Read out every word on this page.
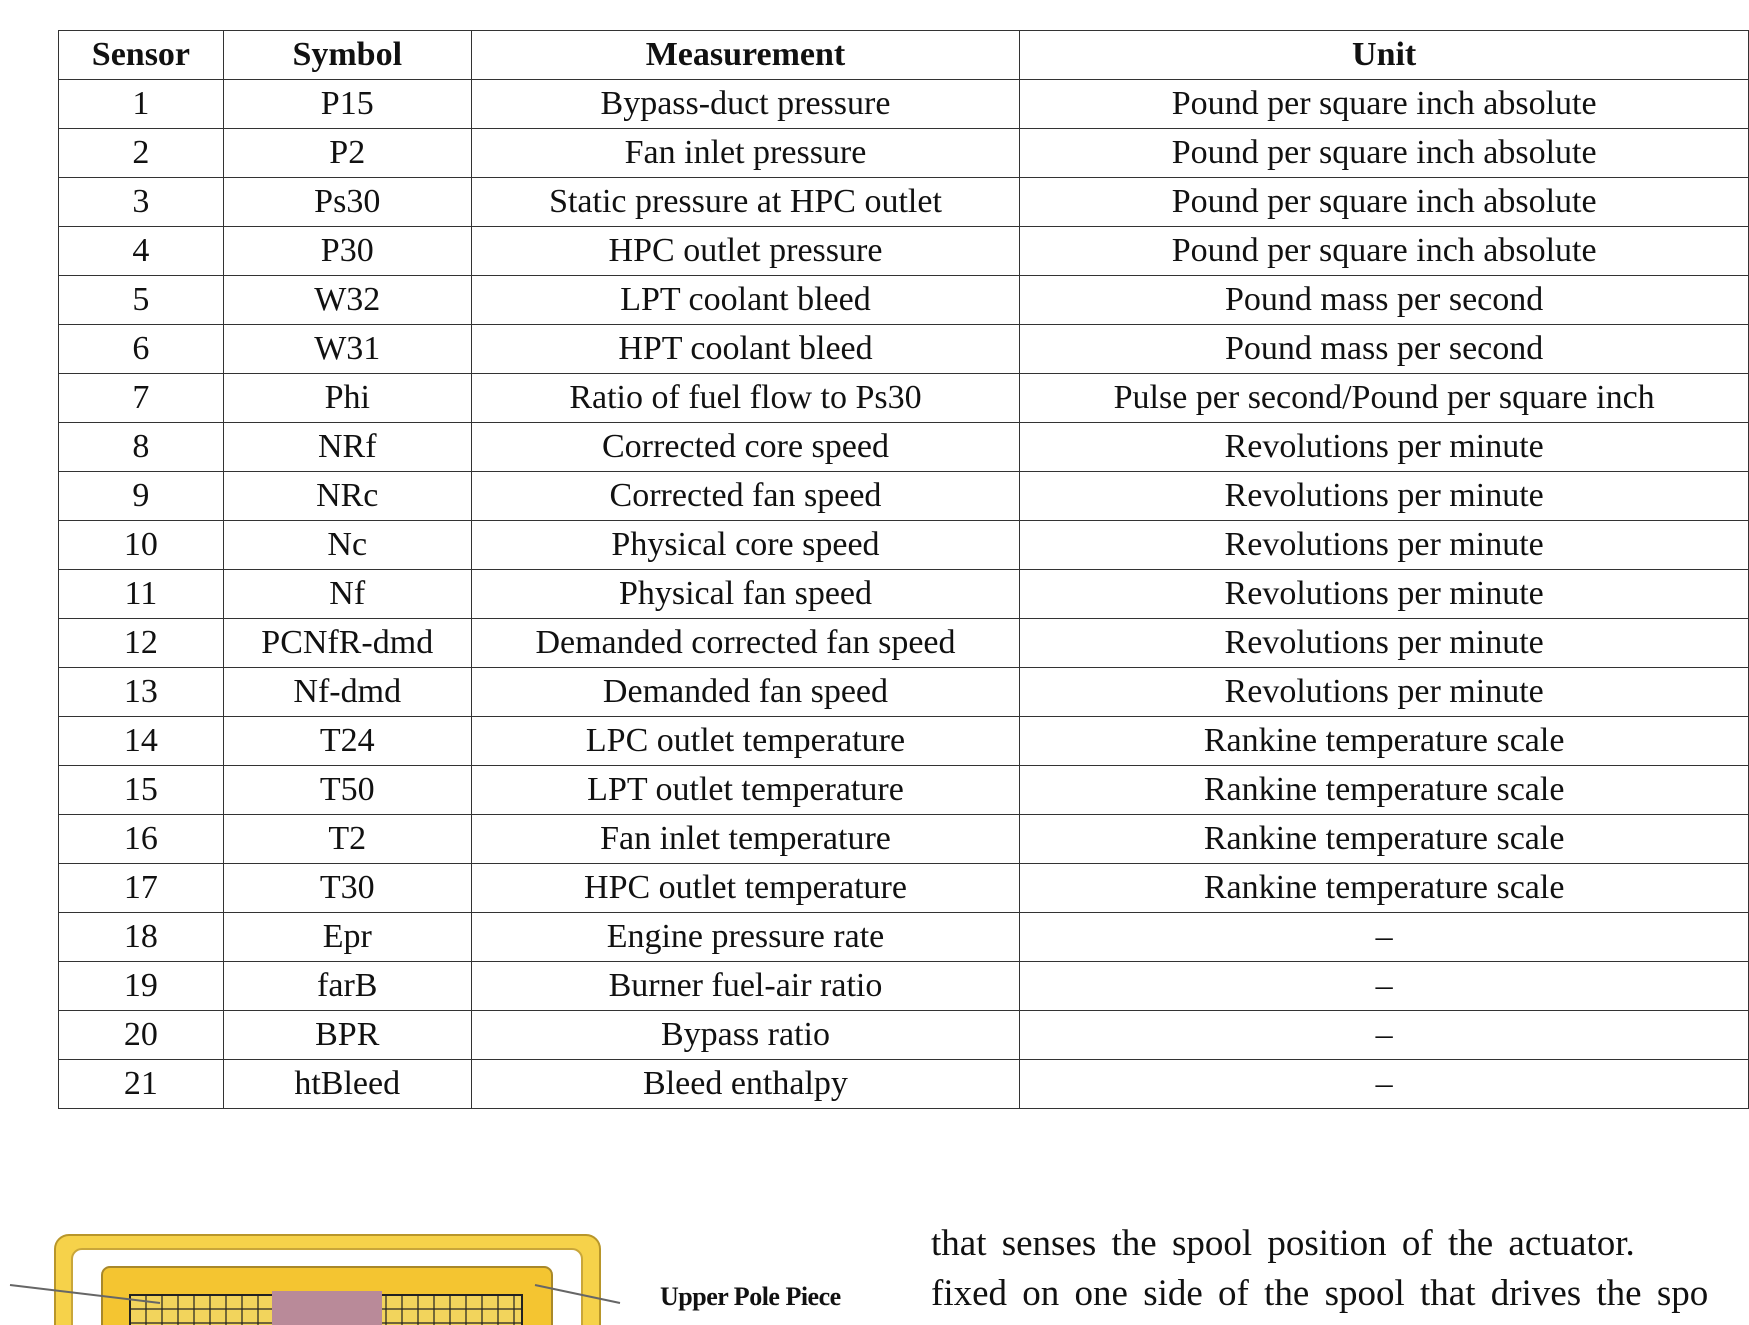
Sensor	Symbol	Measurement	Unit
1	P15	Bypass-duct pressure	Pound per square inch absolute
2	P2	Fan inlet pressure	Pound per square inch absolute
3	Ps30	Static pressure at HPC outlet	Pound per square inch absolute
4	P30	HPC outlet pressure	Pound per square inch absolute
5	W32	LPT coolant bleed	Pound mass per second
6	W31	HPT coolant bleed	Pound mass per second
7	Phi	Ratio of fuel flow to Ps30	Pulse per second/Pound per square inch
8	NRf	Corrected core speed	Revolutions per minute
9	NRc	Corrected fan speed	Revolutions per minute
10	Nc	Physical core speed	Revolutions per minute
11	Nf	Physical fan speed	Revolutions per minute
12	PCNfR-dmd	Demanded corrected fan speed	Revolutions per minute
13	Nf-dmd	Demanded fan speed	Revolutions per minute
14	T24	LPC outlet temperature	Rankine temperature scale
15	T50	LPT outlet temperature	Rankine temperature scale
16	T2	Fan inlet temperature	Rankine temperature scale
17	T30	HPC outlet temperature	Rankine temperature scale
18	Epr	Engine pressure rate	–
19	farB	Burner fuel-air ratio	–
20	BPR	Bypass ratio	–
21	htBleed	Bleed enthalpy	–
Upper Pole Piece
that senses the spool position of the actuator.
fixed on one side of the spool that drives the spo
